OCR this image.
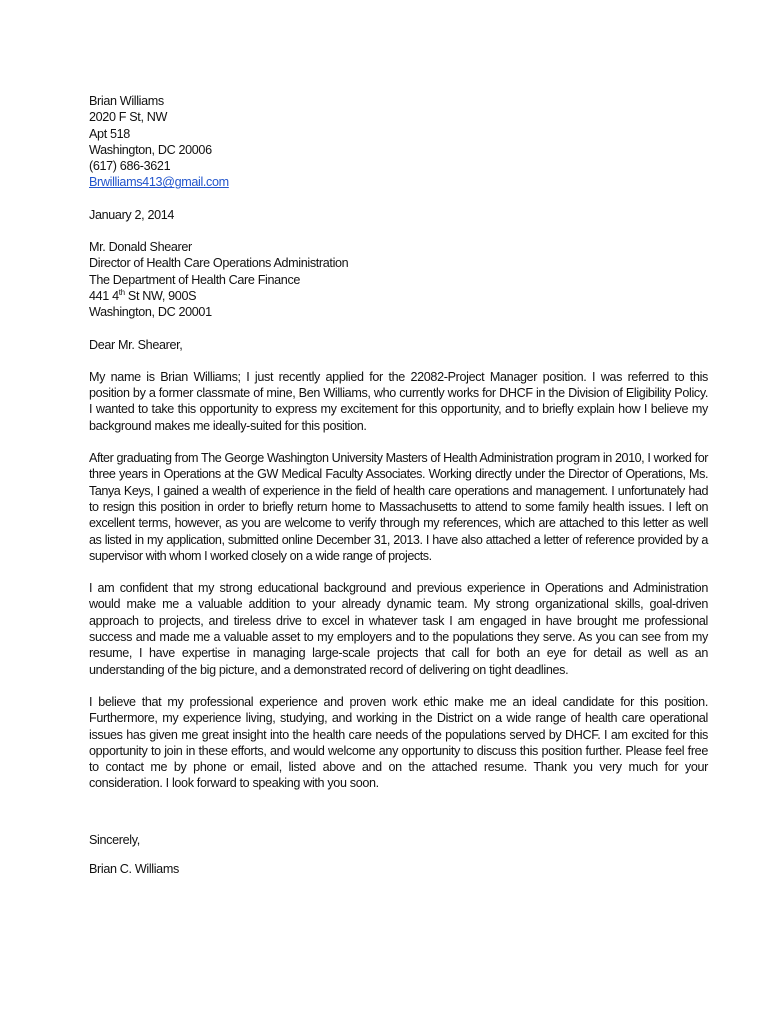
Brian Williams
2020 F St, NW
Apt 518
Washington, DC 20006
(617) 686-3621
Brwilliams413@gmail.com
January 2, 2014
Mr. Donald Shearer
Director of Health Care Operations Administration
The Department of Health Care Finance
441 4th St NW, 900S
Washington, DC 20001
Dear Mr. Shearer,

My name is Brian Williams; I just recently applied for the 22082-Project Manager position. I was referred to this position by a former classmate of mine, Ben Williams, who currently works for DHCF in the Division of Eligibility Policy. I wanted to take this opportunity to express my excitement for this opportunity, and to briefly explain how I believe my background makes me ideally-suited for this position.

After graduating from The George Washington University Masters of Health Administration program in 2010, I worked for three years in Operations at the GW Medical Faculty Associates. Working directly under the Director of Operations, Ms. Tanya Keys, I gained a wealth of experience in the field of health care operations and management. I unfortunately had to resign this position in order to briefly return home to Massachusetts to attend to some family health issues. I left on excellent terms, however, as you are welcome to verify through my references, which are attached to this letter as well as listed in my application, submitted online December 31, 2013. I have also attached a letter of reference provided by a supervisor with whom I worked closely on a wide range of projects.

I am confident that my strong educational background and previous experience in Operations and Administration would make me a valuable addition to your already dynamic team. My strong organizational skills, goal-driven approach to projects, and tireless drive to excel in whatever task I am engaged in have brought me professional success and made me a valuable asset to my employers and to the populations they serve. As you can see from my resume, I have expertise in managing large-scale projects that call for both an eye for detail as well as an understanding of the big picture, and a demonstrated record of delivering on tight deadlines.

I believe that my professional experience and proven work ethic make me an ideal candidate for this position. Furthermore, my experience living, studying, and working in the District on a wide range of health care operational issues has given me great insight into the health care needs of the populations served by DHCF. I am excited for this opportunity to join in these efforts, and would welcome any opportunity to discuss this position further. Please feel free to contact me by phone or email, listed above and on the attached resume. Thank you very much for your consideration. I look forward to speaking with you soon.

Sincerely,
Brian C. Williams
